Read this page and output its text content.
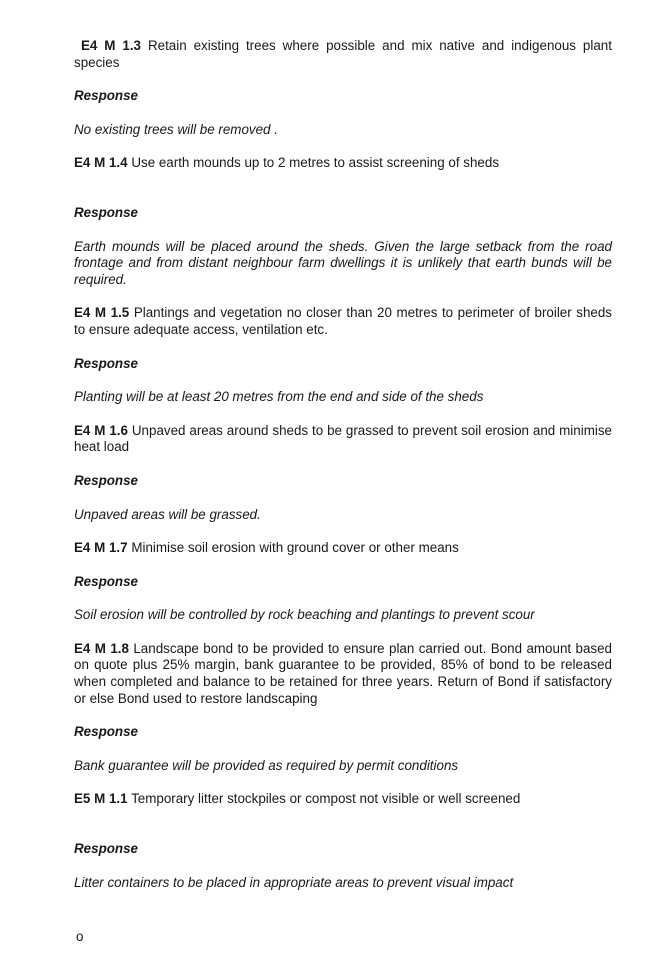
E4 M 1.3 Retain existing trees where possible and mix native and indigenous plant species

Response

No existing trees will be removed .

E4 M 1.4 Use earth mounds up to 2 metres to assist screening of sheds

Response

Earth mounds will be placed around the sheds. Given the large setback from the road frontage and from distant neighbour farm dwellings it is unlikely that earth bunds will be required.

E4 M 1.5 Plantings and vegetation no closer than 20 metres to perimeter of broiler sheds to ensure adequate access, ventilation etc.

Response

Planting will be at least 20 metres from the end and side of the sheds

E4 M 1.6 Unpaved areas around sheds to be grassed to prevent soil erosion and minimise heat load

Response

Unpaved areas will be grassed.

E4 M 1.7 Minimise soil erosion with ground cover or other means

Response

Soil erosion will be controlled by rock beaching and plantings to prevent scour

E4 M 1.8 Landscape bond to be provided to ensure plan carried out. Bond amount based on quote plus 25% margin, bank guarantee to be provided, 85% of bond to be released when completed and balance to be retained for three years. Return of Bond if satisfactory or else Bond used to restore landscaping

Response

Bank guarantee will be provided as required by permit conditions

E5 M 1.1 Temporary litter stockpiles or compost not visible or well screened

Response

Litter containers to be placed in appropriate areas to prevent visual impact

o
